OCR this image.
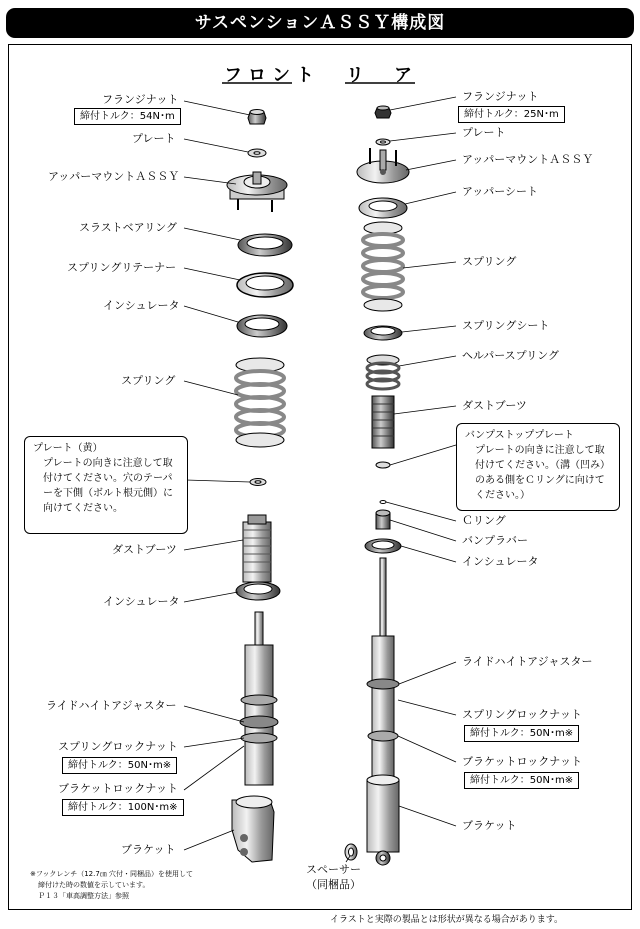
サスペンションＡＳＳＹ構成図
フロント リ　ア
フランジナット
締付トルク：54N･m
プレート
アッパーマウントＡＳＳＹ
スラストベアリング
スプリングリテーナー
インシュレータ
スプリング
プレート（黄）
プレートの向きに注意して取付けてください。穴のテーパーを下側（ボルト根元側）に向けてください。
ダストブーツ
インシュレータ
ライドハイトアジャスター
スプリングロックナット
締付トルク：50N･m※
ブラケットロックナット
締付トルク：100N･m※
ブラケット
※フックレンチ（12.7㎝ 穴付・同梱品）を使用して
締付けた時の数値を示しています。
Ｐ１３「車高調整方法」参照
フランジナット
締付トルク：25N･m
プレート
アッパーマウントＡＳＳＹ
アッパーシート
スプリング
スプリングシート
ヘルパースプリング
ダストブーツ
バンプストッププレート
プレートの向きに注意して取付けてください。（溝（凹み）のある側をＣリングに向けてください。）
Ｃリング
バンプラバー
インシュレータ
ライドハイトアジャスター
スプリングロックナット
締付トルク：50N･m※
ブラケットロックナット
締付トルク：50N･m※
ブラケット
スペーサー
（同梱品）
イラストと実際の製品とは形状が異なる場合があります。
